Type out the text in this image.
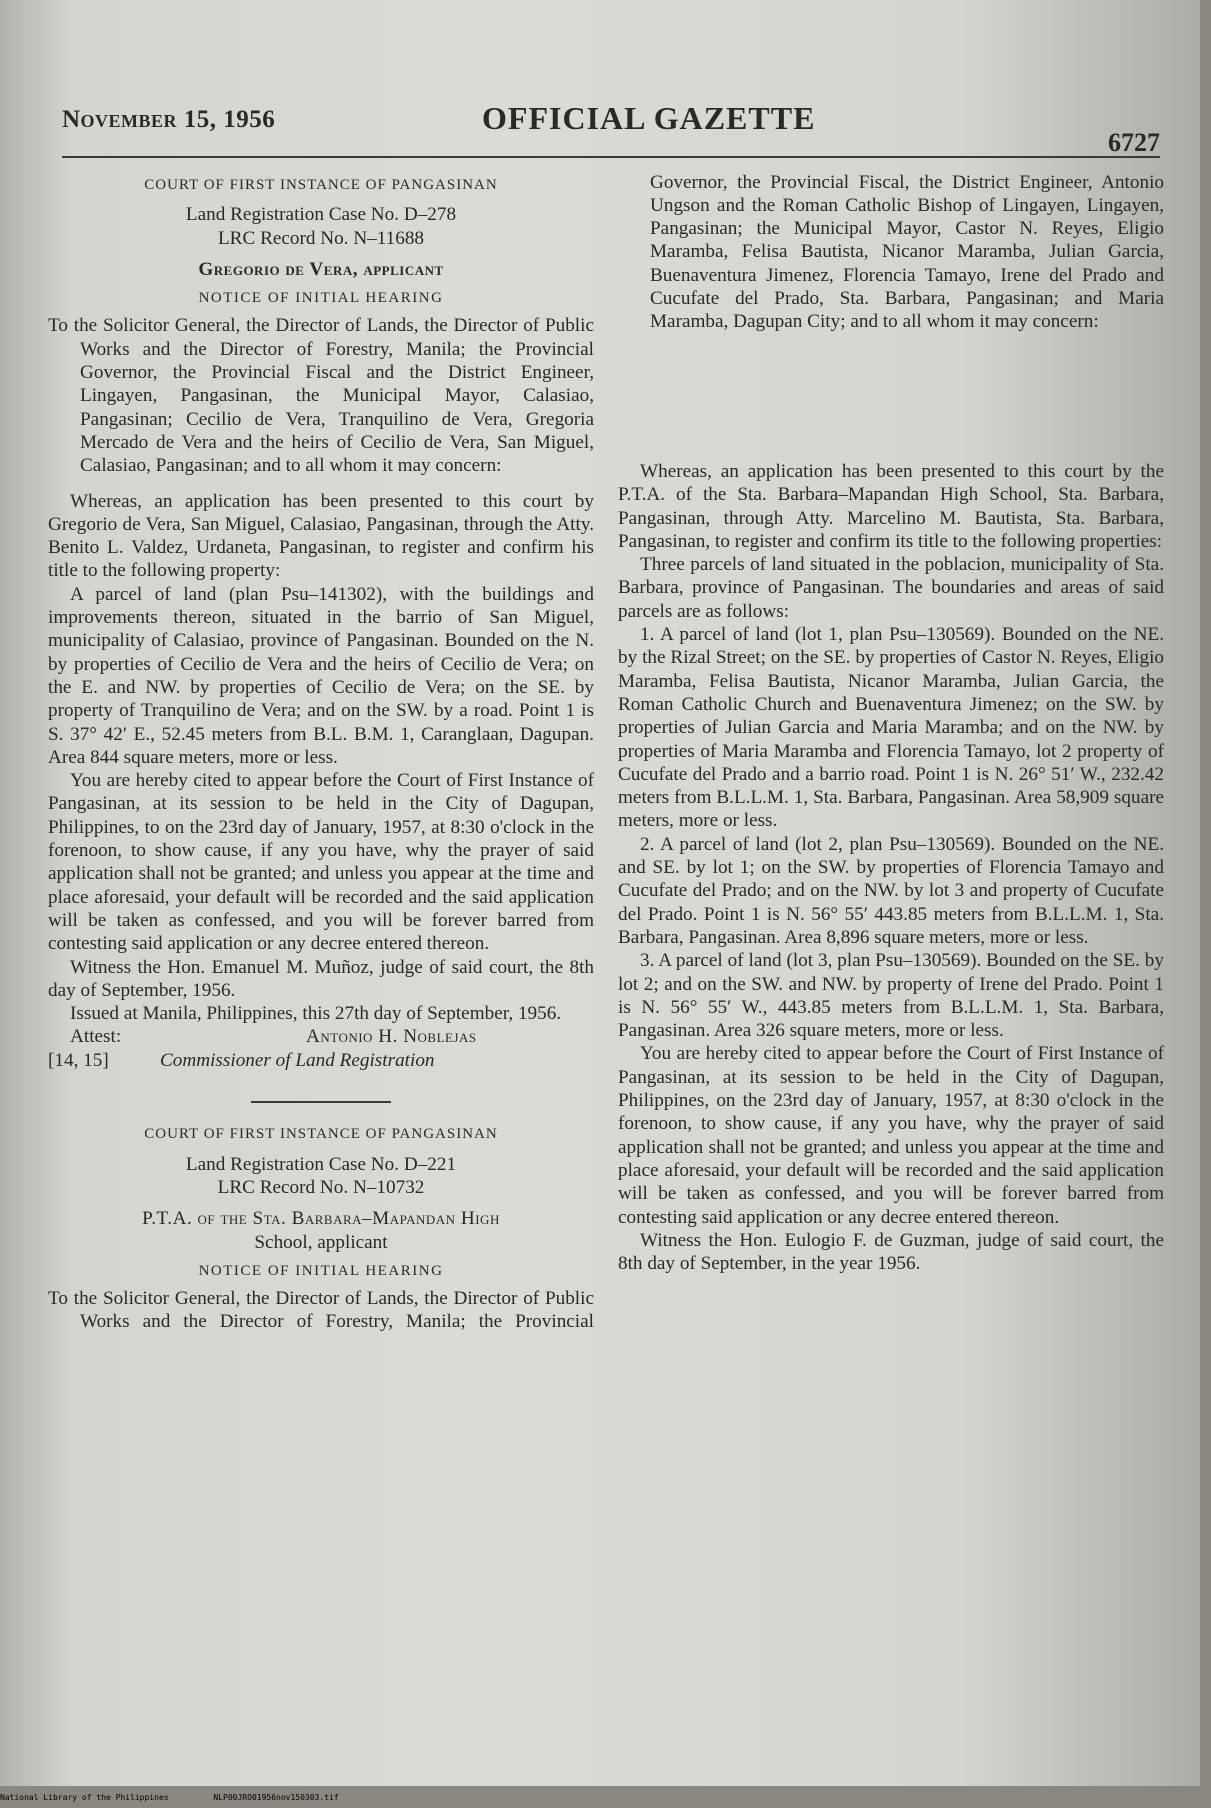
November 15, 1956	OFFICIAL GAZETTE
6727

COURT OF FIRST INSTANCE OF PANGASINAN

Land Registration Case No. D–278

LRC Record No. N–11688

Gregorio de Vera, applicant

NOTICE OF INITIAL HEARING

To the Solicitor General, the Director of Lands, the Director of Public Works and the Director of Forestry, Manila; the Provincial Governor, the Provincial Fiscal and the District Engineer, Lingayen, Pangasinan, the Municipal Mayor, Calasiao, Pangasinan; Cecilio de Vera, Tranquilino de Vera, Gregoria Mercado de Vera and the heirs of Cecilio de Vera, San Miguel, Calasiao, Pangasinan; and to all whom it may concern:

Whereas, an application has been presented to this court by Gregorio de Vera, San Miguel, Calasiao, Pangasinan, through the Atty. Benito L. Valdez, Urdaneta, Pangasinan, to register and confirm his title to the following property:

A parcel of land (plan Psu–141302), with the buildings and improvements thereon, situated in the barrio of San Miguel, municipality of Calasiao, province of Pangasinan. Bounded on the N. by properties of Cecilio de Vera and the heirs of Cecilio de Vera; on the E. and NW. by properties of Cecilio de Vera; on the SE. by property of Tranquilino de Vera; and on the SW. by a road. Point 1 is S. 37° 42′ E., 52.45 meters from B.L. B.M. 1, Caranglaan, Dagupan. Area 844 square meters, more or less.

You are hereby cited to appear before the Court of First Instance of Pangasinan, at its session to be held in the City of Dagupan, Philippines, to on the 23rd day of January, 1957, at 8:30 o'clock in the forenoon, to show cause, if any you have, why the prayer of said application shall not be granted; and unless you appear at the time and place aforesaid, your default will be recorded and the said application will be taken as confessed, and you will be forever barred from contesting said application or any decree entered thereon.

Witness the Hon. Emanuel M. Muñoz, judge of said court, the 8th day of September, 1956.

Issued at Manila, Philippines, this 27th day of September, 1956.

Attest:	Antonio H. Noblejas
[14, 15]	Commissioner of Land Registration

COURT OF FIRST INSTANCE OF PANGASINAN

Land Registration Case No. D–221

LRC Record No. N–10732

P.T.A. of the Sta. Barbara–Mapandan High

School, applicant

NOTICE OF INITIAL HEARING

To the Solicitor General, the Director of Lands, the Director of Public Works and the Director of Forestry, Manila; the Provincial

Governor, the Provincial Fiscal, the District Engineer, Antonio Ungson and the Roman Catholic Bishop of Lingayen, Lingayen, Pangasinan; the Municipal Mayor, Castor N. Reyes, Eligio Maramba, Felisa Bautista, Nicanor Maramba, Julian Garcia, Buenaventura Jimenez, Florencia Tamayo, Irene del Prado and Cucufate del Prado, Sta. Barbara, Pangasinan; and Maria Maramba, Dagupan City; and to all whom it may concern:

Whereas, an application has been presented to this court by the P.T.A. of the Sta. Barbara–Mapandan High School, Sta. Barbara, Pangasinan, through Atty. Marcelino M. Bautista, Sta. Barbara, Pangasinan, to register and confirm its title to the following properties:

Three parcels of land situated in the poblacion, municipality of Sta. Barbara, province of Pangasinan. The boundaries and areas of said parcels are as follows:

1. A parcel of land (lot 1, plan Psu–130569). Bounded on the NE. by the Rizal Street; on the SE. by properties of Castor N. Reyes, Eligio Maramba, Felisa Bautista, Nicanor Maramba, Julian Garcia, the Roman Catholic Church and Buenaventura Jimenez; on the SW. by properties of Julian Garcia and Maria Maramba; and on the NW. by properties of Maria Maramba and Florencia Tamayo, lot 2 property of Cucufate del Prado and a barrio road. Point 1 is N. 26° 51′ W., 232.42 meters from B.L.L.M. 1, Sta. Barbara, Pangasinan. Area 58,909 square meters, more or less.

2. A parcel of land (lot 2, plan Psu–130569). Bounded on the NE. and SE. by lot 1; on the SW. by properties of Florencia Tamayo and Cucufate del Prado; and on the NW. by lot 3 and property of Cucufate del Prado. Point 1 is N. 56° 55′ 443.85 meters from B.L.L.M. 1, Sta. Barbara, Pangasinan. Area 8,896 square meters, more or less.

3. A parcel of land (lot 3, plan Psu–130569). Bounded on the SE. by lot 2; and on the SW. and NW. by property of Irene del Prado. Point 1 is N. 56° 55′ W., 443.85 meters from B.L.L.M. 1, Sta. Barbara, Pangasinan. Area 326 square meters, more or less.

You are hereby cited to appear before the Court of First Instance of Pangasinan, at its session to be held in the City of Dagupan, Philippines, on the 23rd day of January, 1957, at 8:30 o'clock in the forenoon, to show cause, if any you have, why the prayer of said application shall not be granted; and unless you appear at the time and place aforesaid, your default will be recorded and the said application will be taken as confessed, and you will be forever barred from contesting said application or any decree entered thereon.

Witness the Hon. Eulogio F. de Guzman, judge of said court, the 8th day of September, in the year 1956.

National Library of the Philippines	NLP00JRO01956nov150303.tif
